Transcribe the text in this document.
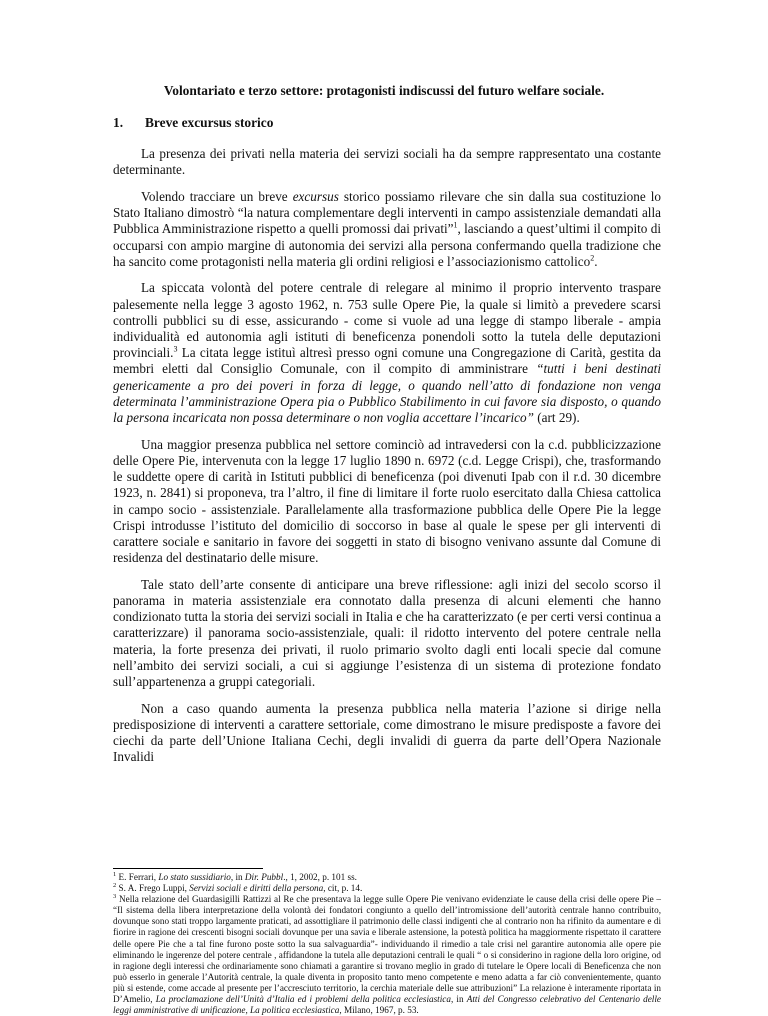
Volontariato e terzo settore: protagonisti indiscussi del futuro welfare sociale.
1. Breve excursus storico

La presenza dei privati nella materia dei servizi sociali ha da sempre rappresentato una costante determinante.

Volendo tracciare un breve excursus storico possiamo rilevare che sin dalla sua costituzione lo Stato Italiano dimostrò “la natura complementare degli interventi in campo assistenziale demandati alla Pubblica Amministrazione rispetto a quelli promossi dai privati”$^1$, lasciando a quest’ultimi il compito di occuparsi con ampio margine di autonomia dei servizi alla persona confermando quella tradizione che ha sancito come protagonisti nella materia gli ordini religiosi e l’associazionismo cattolico$^2$.

La spiccata volontà del potere centrale di relegare al minimo il proprio intervento traspare palesemente nella legge 3 agosto 1962, n. 753 sulle Opere Pie, la quale si limitò a prevedere scarsi controlli pubblici su di esse, assicurando - come si vuole ad una legge di stampo liberale - ampia individualità ed autonomia agli istituti di beneficenza ponendoli sotto la tutela delle deputazioni provinciali.$^3$ La citata legge istituì altresì presso ogni comune una Congregazione di Carità, gestita da membri eletti dal Consiglio Comunale, con il compito di amministrare “tutti i beni destinati genericamente a pro dei poveri in forza di legge, o quando nell’atto di fondazione non venga determinata l’amministrazione Opera pia o Pubblico Stabilimento in cui favore sia disposto, o quando la persona incaricata non possa determinare o non voglia accettare l’incarico” (art 29).

Una maggior presenza pubblica nel settore cominciò ad intravedersi con la c.d. pubblicizzazione delle Opere Pie, intervenuta con la legge 17 luglio 1890 n. 6972 (c.d. Legge Crispi), che, trasformando le suddette opere di carità in Istituti pubblici di beneficenza (poi divenuti Ipab con il r.d. 30 dicembre 1923, n. 2841) si proponeva, tra l’altro, il fine di limitare il forte ruolo esercitato dalla Chiesa cattolica in campo socio - assistenziale. Parallelamente alla trasformazione pubblica delle Opere Pie la legge Crispi introdusse l’istituto del domicilio di soccorso in base al quale le spese per gli interventi di carattere sociale e sanitario in favore dei soggetti in stato di bisogno venivano assunte dal Comune di residenza del destinatario delle misure.

Tale stato dell’arte consente di anticipare una breve riflessione: agli inizi del secolo scorso il panorama in materia assistenziale era connotato dalla presenza di alcuni elementi che hanno condizionato tutta la storia dei servizi sociali in Italia e che ha caratterizzato (e per certi versi continua a caratterizzare) il panorama socio-assistenziale, quali: il ridotto intervento del potere centrale nella materia, la forte presenza dei privati, il ruolo primario svolto dagli enti locali specie dal comune nell’ambito dei servizi sociali, a cui si aggiunge l’esistenza di un sistema di protezione fondato sull’appartenenza a gruppi categoriali.

Non a caso quando aumenta la presenza pubblica nella materia l’azione si dirige nella predisposizione di interventi a carattere settoriale, come dimostrano le misure predisposte a favore dei ciechi da parte dell’Unione Italiana Cechi, degli invalidi di guerra da parte dell’Opera Nazionale Invalidi

$^1$ E. Ferrari, Lo stato sussidiario, in Dir. Pubbl., 1, 2002, p. 101 ss.
$^2$ S. A. Frego Luppi, Servizi sociali e diritti della persona, cit, p. 14.
$^3$ Nella relazione del Guardasigilli Rattizzi al Re che presentava la legge sulle Opere Pie venivano evidenziate le cause della crisi delle opere Pie – “Il sistema della libera interpretazione della volontà dei fondatori congiunto a quello dell’intromissione dell’autorità centrale hanno contribuito, dovunque sono stati troppo largamente praticati, ad assottigliare il patrimonio delle classi indigenti che al contrario non ha rifinito da aumentare e di fiorire in ragione dei crescenti bisogni sociali dovunque per una savia e liberale astensione, la potestà politica ha maggiormente rispettato il carattere delle opere Pie che a tal fine furono poste sotto la sua salvaguardia”- individuando il rimedio a tale crisi nel garantire autonomia alle opere pie eliminando le ingerenze del potere centrale , affidandone la tutela alle deputazioni centrali le quali “ o si considerino in ragione della loro origine, od in ragione degli interessi che ordinariamente sono chiamati a garantire si trovano meglio in grado di tutelare le Opere locali di Beneficenza che non può esserlo in generale l’Autorità centrale, la quale diventa in proposito tanto meno competente e meno adatta a far ciò convenientemente, quanto più si estende, come accade al presente per l’accresciuto territorio, la cerchia materiale delle sue attribuzioni” La relazione è interamente riportata in D’Amelio, La proclamazione dell’Unità d’Italia ed i problemi della politica ecclesiastica, in Atti del Congresso celebrativo del Centenario delle leggi amministrative di unificazione, La politica ecclesiastica, Milano, 1967, p. 53.
